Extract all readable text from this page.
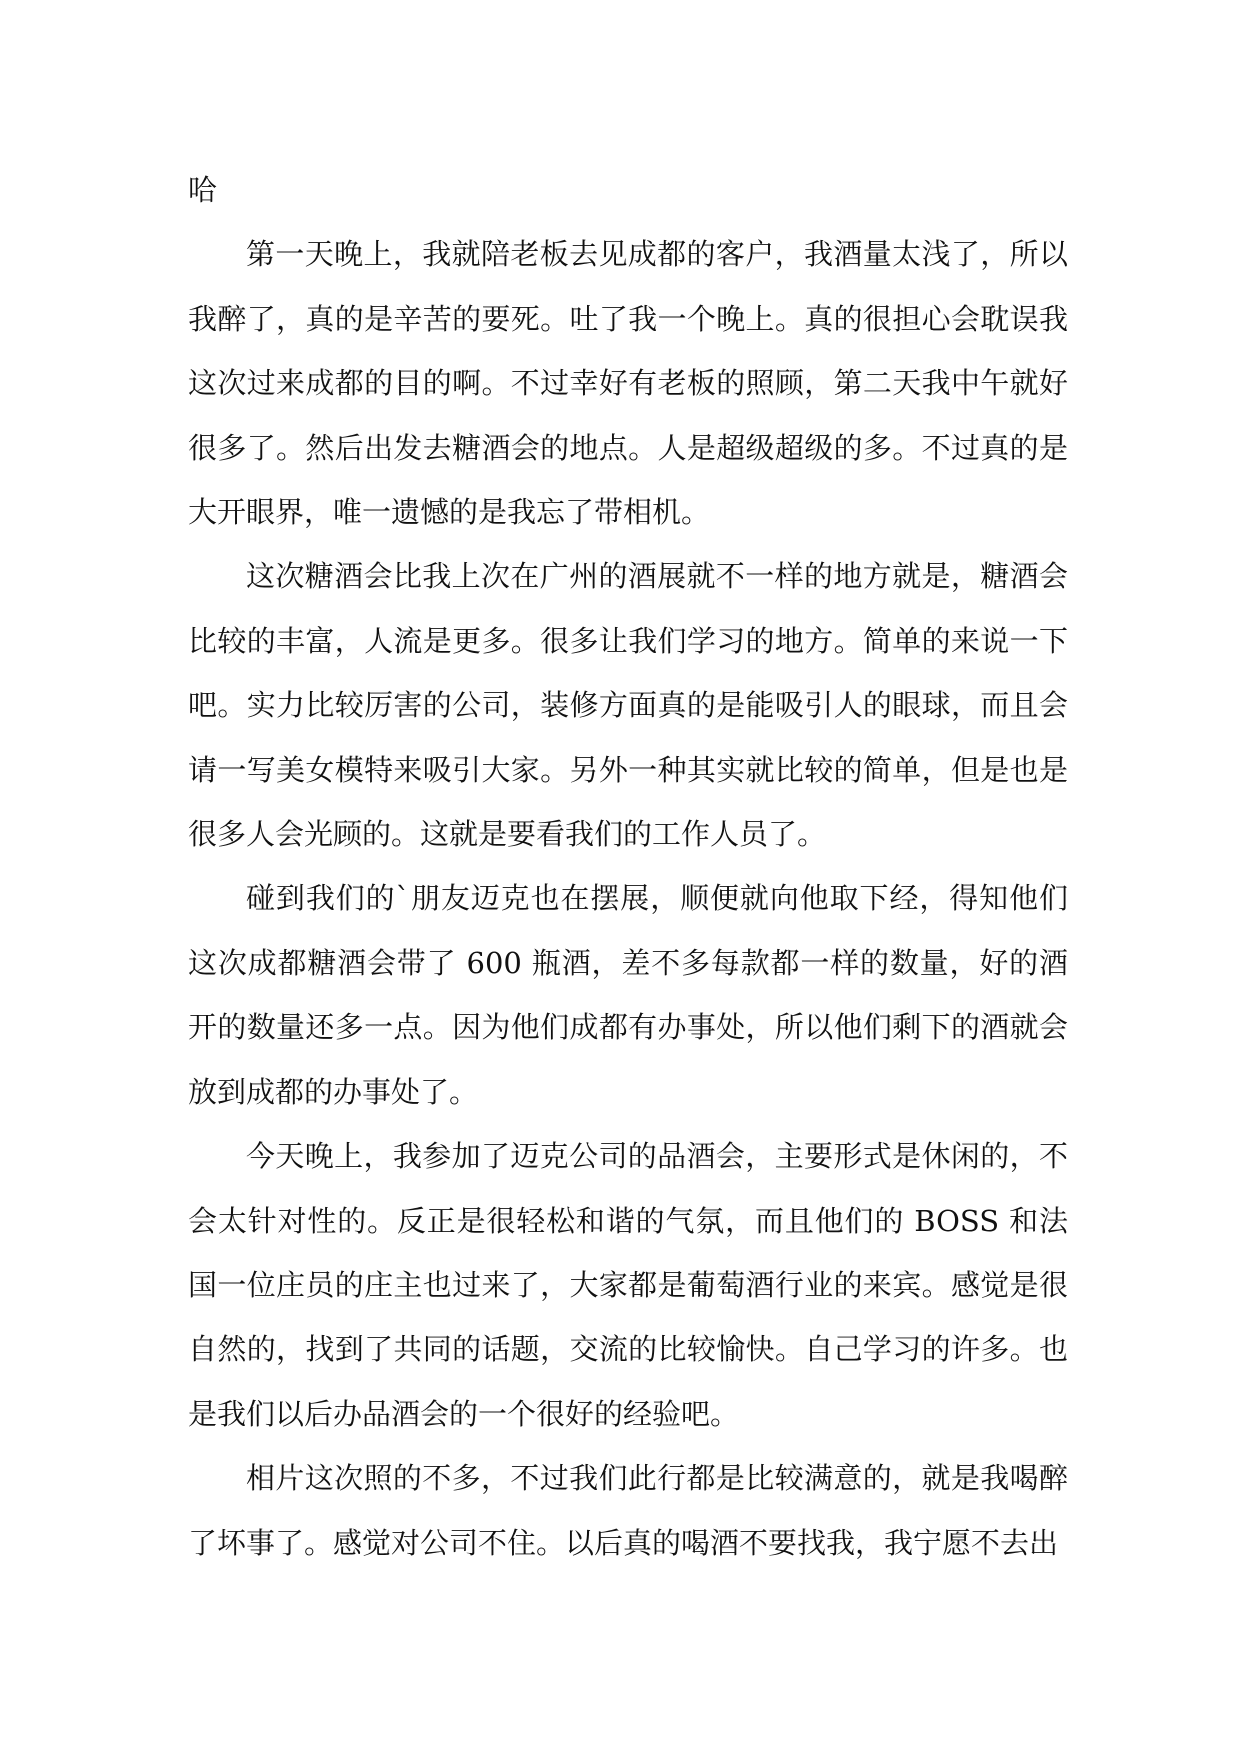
哈

第一天晚上，我就陪老板去见成都的客户，我酒量太浅了，所以我醉了，真的是辛苦的要死。吐了我一个晚上。真的很担心会耽误我这次过来成都的目的啊。不过幸好有老板的照顾，第二天我中午就好很多了。然后出发去糖酒会的地点。人是超级超级的多。不过真的是大开眼界，唯一遗憾的是我忘了带相机。

这次糖酒会比我上次在广州的酒展就不一样的地方就是，糖酒会比较的丰富，人流是更多。很多让我们学习的地方。简单的来说一下吧。实力比较厉害的公司，装修方面真的是能吸引人的眼球，而且会请一写美女模特来吸引大家。另外一种其实就比较的简单，但是也是很多人会光顾的。这就是要看我们的工作人员了。

碰到我们的`朋友迈克也在摆展，顺便就向他取下经，得知他们这次成都糖酒会带了 600 瓶酒，差不多每款都一样的数量，好的酒开的数量还多一点。因为他们成都有办事处，所以他们剩下的酒就会放到成都的办事处了。

今天晚上，我参加了迈克公司的品酒会，主要形式是休闲的，不会太针对性的。反正是很轻松和谐的气氛，而且他们的 BOSS 和法国一位庄员的庄主也过来了，大家都是葡萄酒行业的来宾。感觉是很自然的，找到了共同的话题，交流的比较愉快。自己学习的许多。也是我们以后办品酒会的一个很好的经验吧。

相片这次照的不多，不过我们此行都是比较满意的，就是我喝醉了坏事了。感觉对公司不住。以后真的喝酒不要找我，我宁愿不去出
